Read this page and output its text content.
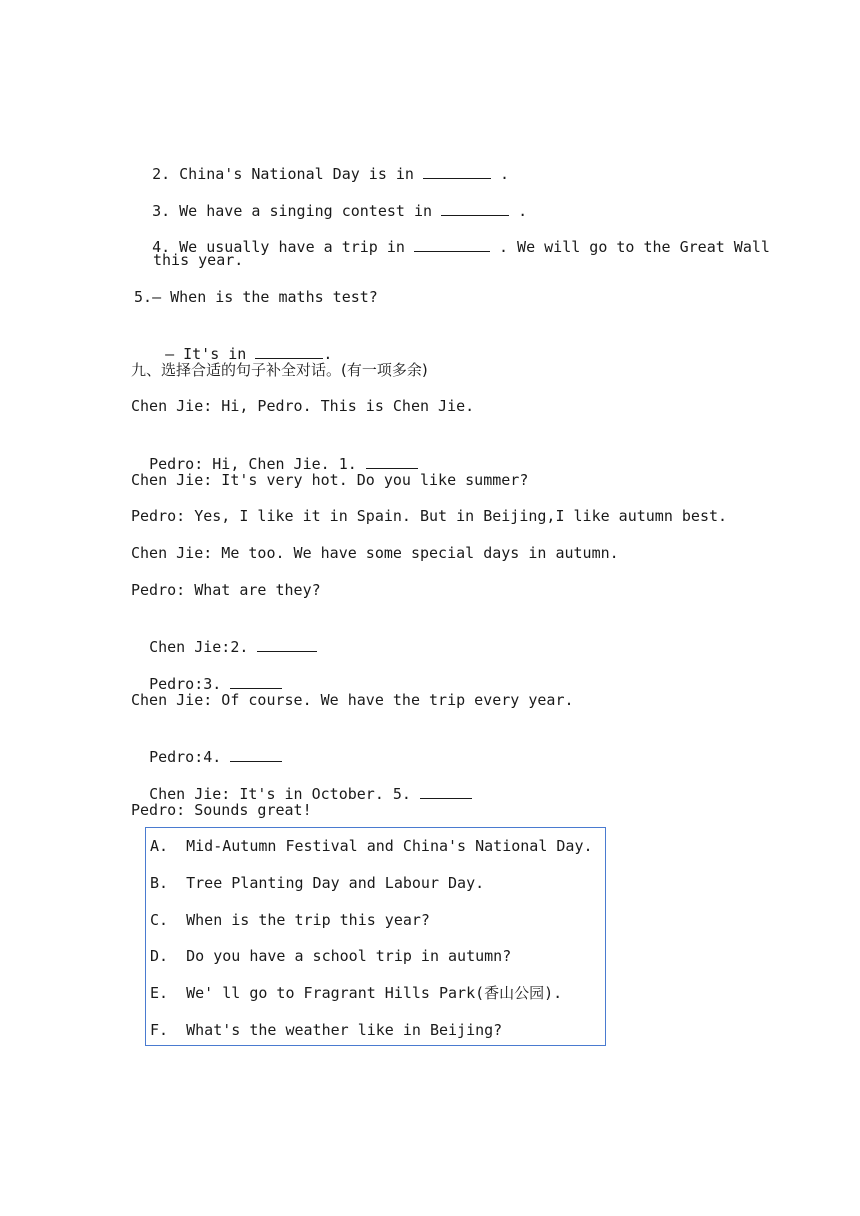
2. China's National Day is in	.

3. We have a singing contest in	.

4. We usually have a trip in	. We will go to the Great Wall

this year.
5.— When is the maths test?

— It's in	.

九、选择合适的句子补全对话。(有一项多余)
Chen Jie: Hi, Pedro. This is Chen Jie.

Pedro: Hi, Chen Jie. 1.

Chen Jie: It's very hot. Do you like summer?
Pedro: Yes, I like it in Spain. But in Beijing,I like autumn best.
Chen Jie: Me too. We have some special days in autumn.
Pedro: What are they?

Chen Jie:2.

Pedro:3.

Chen Jie: Of course. We have the trip every year.

Pedro:4.

Chen Jie: It's in October. 5.

Pedro: Sounds great!
A.  Mid-Autumn Festival and China's National Day.
B.  Tree Planting Day and Labour Day.
C.  When is the trip this year?
D.  Do you have a school trip in autumn?
E.  We' ll go to Fragrant Hills Park(香山公园).
F.  What's the weather like in Beijing?
